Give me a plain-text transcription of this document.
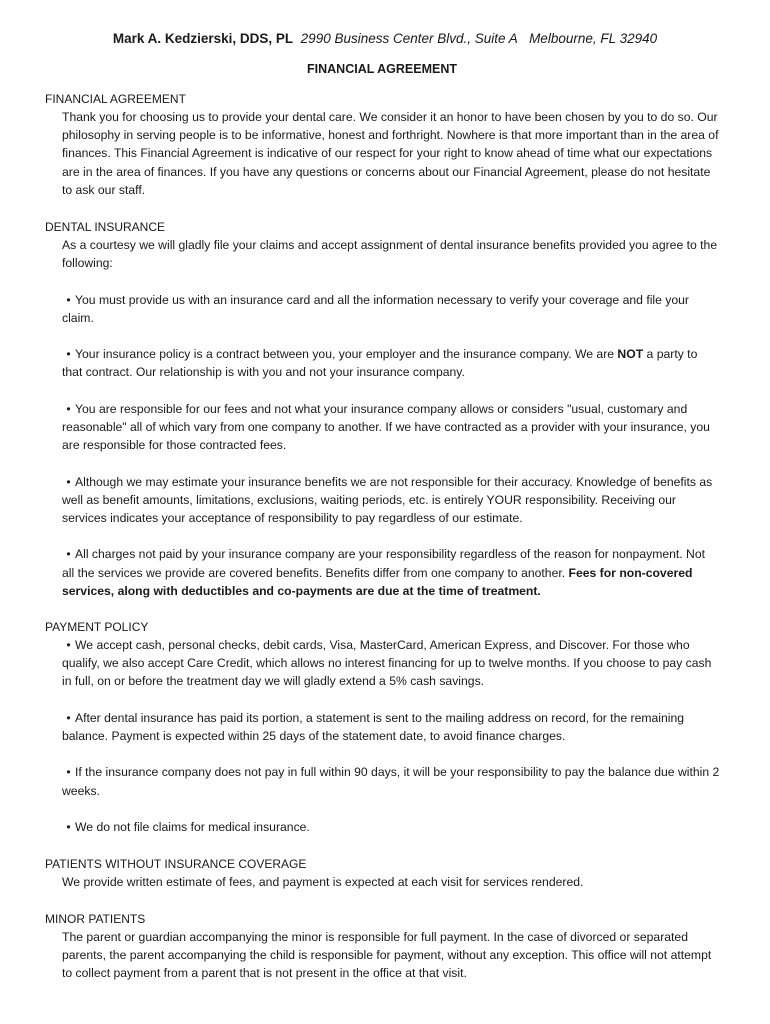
Mark A. Kedzierski, DDS, PL 2990 Business Center Blvd., Suite A Melbourne, FL 32940
FINANCIAL AGREEMENT

FINANCIAL AGREEMENT

Thank you for choosing us to provide your dental care. We consider it an honor to have been chosen by you to do so. Our philosophy in serving people is to be informative, honest and forthright. Nowhere is that more important than in the area of finances. This Financial Agreement is indicative of our respect for your right to know ahead of time what our expectations are in the area of finances. If you have any questions or concerns about our Financial Agreement, please do not hesitate to ask our staff.

DENTAL INSURANCE

As a courtesy we will gladly file your claims and accept assignment of dental insurance benefits provided you agree to the following:

• You must provide us with an insurance card and all the information necessary to verify your coverage and file your claim.

• Your insurance policy is a contract between you, your employer and the insurance company. We are NOT a party to that contract. Our relationship is with you and not your insurance company.

• You are responsible for our fees and not what your insurance company allows or considers "usual, customary and reasonable" all of which vary from one company to another. If we have contracted as a provider with your insurance, you are responsible for those contracted fees.

• Although we may estimate your insurance benefits we are not responsible for their accuracy. Knowledge of benefits as well as benefit amounts, limitations, exclusions, waiting periods, etc. is entirely YOUR responsibility. Receiving our services indicates your acceptance of responsibility to pay regardless of our estimate.

• All charges not paid by your insurance company are your responsibility regardless of the reason for nonpayment. Not all the services we provide are covered benefits. Benefits differ from one company to another. Fees for non-covered services, along with deductibles and co-payments are due at the time of treatment.

PAYMENT POLICY

• We accept cash, personal checks, debit cards, Visa, MasterCard, American Express, and Discover. For those who qualify, we also accept Care Credit, which allows no interest financing for up to twelve months. If you choose to pay cash in full, on or before the treatment day we will gladly extend a 5% cash savings.

• After dental insurance has paid its portion, a statement is sent to the mailing address on record, for the remaining balance. Payment is expected within 25 days of the statement date, to avoid finance charges.

• If the insurance company does not pay in full within 90 days, it will be your responsibility to pay the balance due within 2 weeks.

• We do not file claims for medical insurance.

PATIENTS WITHOUT INSURANCE COVERAGE

We provide written estimate of fees, and payment is expected at each visit for services rendered.

MINOR PATIENTS

The parent or guardian accompanying the minor is responsible for full payment. In the case of divorced or separated parents, the parent accompanying the child is responsible for payment, without any exception. This office will not attempt to collect payment from a parent that is not present in the office at that visit.
